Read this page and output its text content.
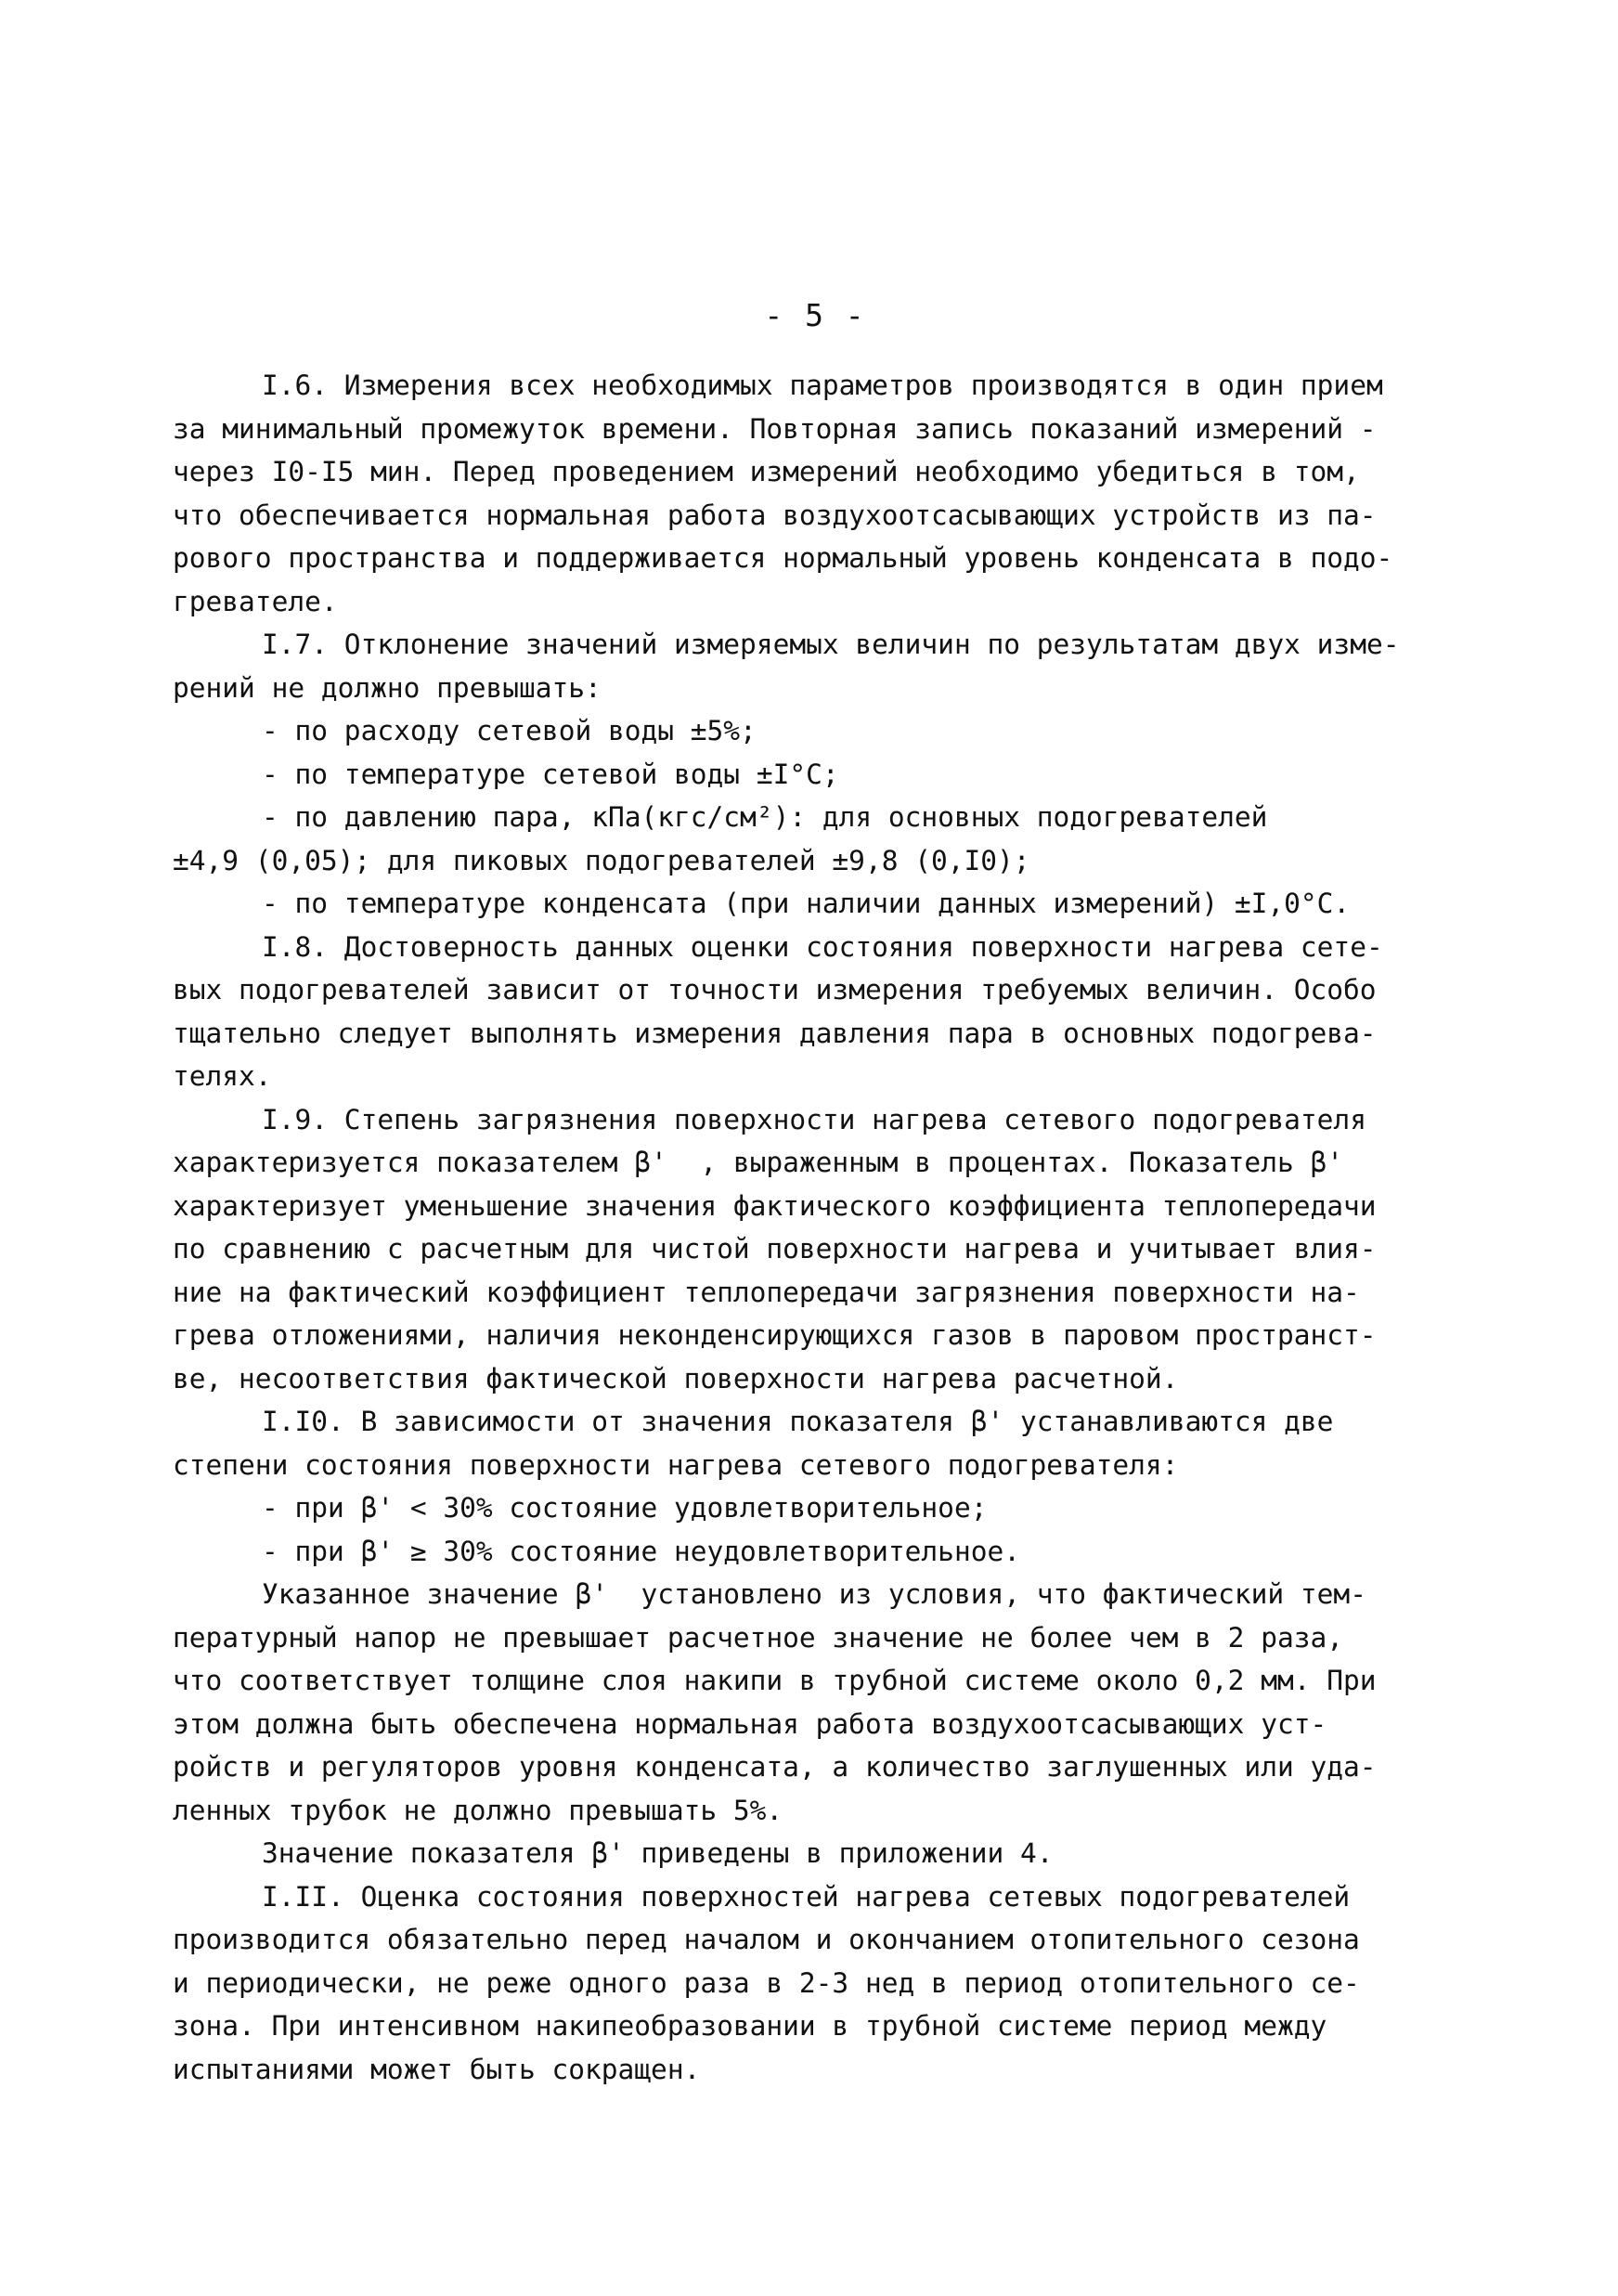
- 5 -
I.6. Измерения всех необходимых параметров производятся в один прием
за минимальный промежуток времени. Повторная запись показаний измерений -
через I0-I5 мин. Перед проведением измерений необходимо убедиться в том,
что обеспечивается нормальная работа воздухоотсасывающих устройств из па-
рового пространства и поддерживается нормальный уровень конденсата в подо-
гревателе.
I.7. Отклонение значений измеряемых величин по результатам двух изме-
рений не должно превышать:
- по расходу сетевой воды ±5%;
- по температуре сетевой воды ±I°С;
- по давлению пара, кПа(кгс/см²): для основных подогревателей
±4,9 (0,05); для пиковых подогревателей ±9,8 (0,I0);
- по температуре конденсата (при наличии данных измерений) ±I,0°С.
I.8. Достоверность данных оценки состояния поверхности нагрева сете-
вых подогревателей зависит от точности измерения требуемых величин. Особо
тщательно следует выполнять измерения давления пара в основных подогрева-
телях.
I.9. Степень загрязнения поверхности нагрева сетевого подогревателя
характеризуется показателем β'  , выраженным в процентах. Показатель β'
характеризует уменьшение значения фактического коэффициента теплопередачи
по сравнению с расчетным для чистой поверхности нагрева и учитывает влия-
ние на фактический коэффициент теплопередачи загрязнения поверхности на-
грева отложениями, наличия неконденсирующихся газов в паровом пространст-
ве, несоответствия фактической поверхности нагрева расчетной.
I.I0. В зависимости от значения показателя β' устанавливаются две
степени состояния поверхности нагрева сетевого подогревателя:
- при β' < 30% состояние удовлетворительное;
- при β' ≥ 30% состояние неудовлетворительное.
Указанное значение β'  установлено из условия, что фактический тем-
пературный напор не превышает расчетное значение не более чем в 2 раза,
что соответствует толщине слоя накипи в трубной системе около 0,2 мм. При
этом должна быть обеспечена нормальная работа воздухоотсасывающих уст-
ройств и регуляторов уровня конденсата, а количество заглушенных или уда-
ленных трубок не должно превышать 5%.
Значение показателя β' приведены в приложении 4.
I.II. Оценка состояния поверхностей нагрева сетевых подогревателей
производится обязательно перед началом и окончанием отопительного сезона
и периодически, не реже одного раза в 2-3 нед в период отопительного се-
зона. При интенсивном накипеобразовании в трубной системе период между
испытаниями может быть сокращен.
